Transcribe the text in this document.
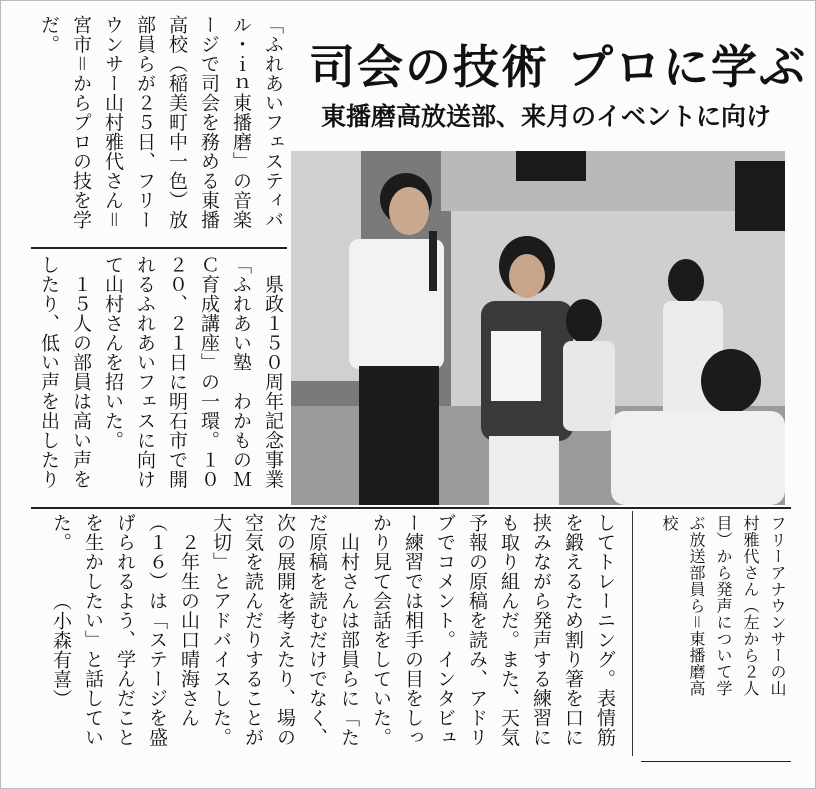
司会の技術 プロに学ぶ
東播磨高放送部、来月のイベントに向け
「ふれあいフェスティバ
ル・ｉｎ東播磨」の音楽
ージで司会を務める東播
高校（稲美町中一色）放
部員らが２５日、フリー
ウンサー山村雅代さん＝
宮市＝からプロの技を学
だ。
　県政１５０周年記念事業
「ふれあい塾　わかものＭ
Ｃ育成講座」の一環。１０
２０、２１日に明石市で開
れるふれあいフェスに向け
て山村さんを招いた。
　１５人の部員は高い声を
したり、低い声を出したり
してトレーニング。表情筋
を鍛えるため割り箸を口に
挟みながら発声する練習に
も取り組んだ。また、天気
予報の原稿を読み、アドリ
ブでコメント。インタビュ
ー練習では相手の目をしっ
かり見て会話をしていた。
　山村さんは部員らに「た
だ原稿を読むだけでなく、
次の展開を考えたり、場の
空気を読んだりすることが
大切」とアドバイスした。
　２年生の山口晴海さん
（１６）は「ステージを盛
げられるよう、学んだこと
を生かしたい」と話してい
た。　　　（小森有喜）	フリーアナウンサーの山
村雅代さん（左から２人
目）から発声について学
ぶ放送部員ら＝東播磨高
校
